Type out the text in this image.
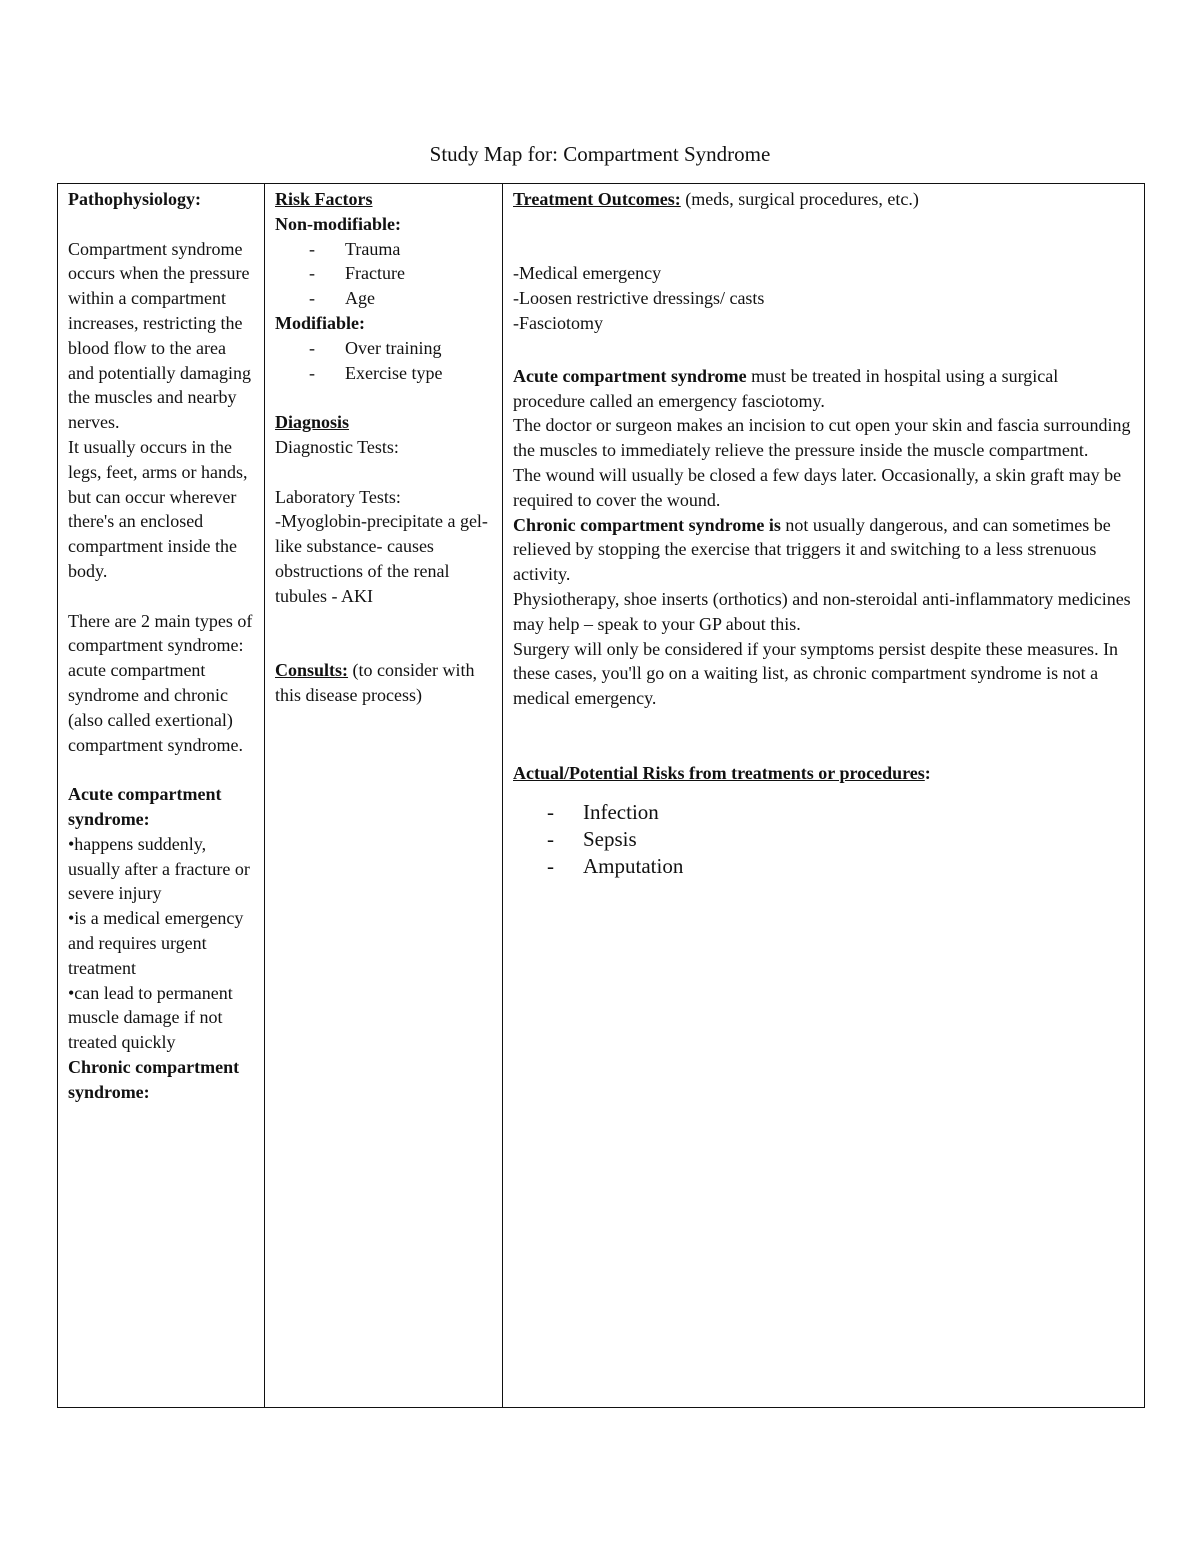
Study Map for: Compartment Syndrome
Pathophysiology:

Compartment syndrome occurs when the pressure within a compartment increases, restricting the blood flow to the area and potentially damaging the muscles and nearby nerves.

It usually occurs in the legs, feet, arms or hands, but can occur wherever there's an enclosed compartment inside the body.

There are 2 main types of compartment syndrome: acute compartment syndrome and chronic (also called exertional) compartment syndrome.

Acute compartment syndrome:

•happens suddenly, usually after a fracture or severe injury

•is a medical emergency and requires urgent treatment

•can lead to permanent muscle damage if not treated quickly

Chronic compartment syndrome:

Risk Factors
Non-modifiable:
- Trauma
- Fracture
- Age
Modifiable:
- Over training
- Exercise type
Diagnosis
Diagnostic Tests:
Laboratory Tests:

-Myoglobin-precipitate a gel-like substance- causes obstructions of the renal tubules - AKI

Consults: (to consider with this disease process)

Treatment Outcomes: (meds, surgical procedures, etc.)

-Medical emergency
-Loosen restrictive dressings/ casts
-Fasciotomy

Acute compartment syndrome must be treated in hospital using a surgical procedure called an emergency fasciotomy.

The doctor or surgeon makes an incision to cut open your skin and fascia surrounding the muscles to immediately relieve the pressure inside the muscle compartment.

The wound will usually be closed a few days later. Occasionally, a skin graft may be required to cover the wound.

Chronic compartment syndrome is not usually dangerous, and can sometimes be relieved by stopping the exercise that triggers it and switching to a less strenuous activity.

Physiotherapy, shoe inserts (orthotics) and non-steroidal anti-inflammatory medicines may help – speak to your GP about this.

Surgery will only be considered if your symptoms persist despite these measures. In these cases, you'll go on a waiting list, as chronic compartment syndrome is not a medical emergency.

Actual/Potential Risks from treatments or procedures:

- Infection
- Sepsis
- Amputation
